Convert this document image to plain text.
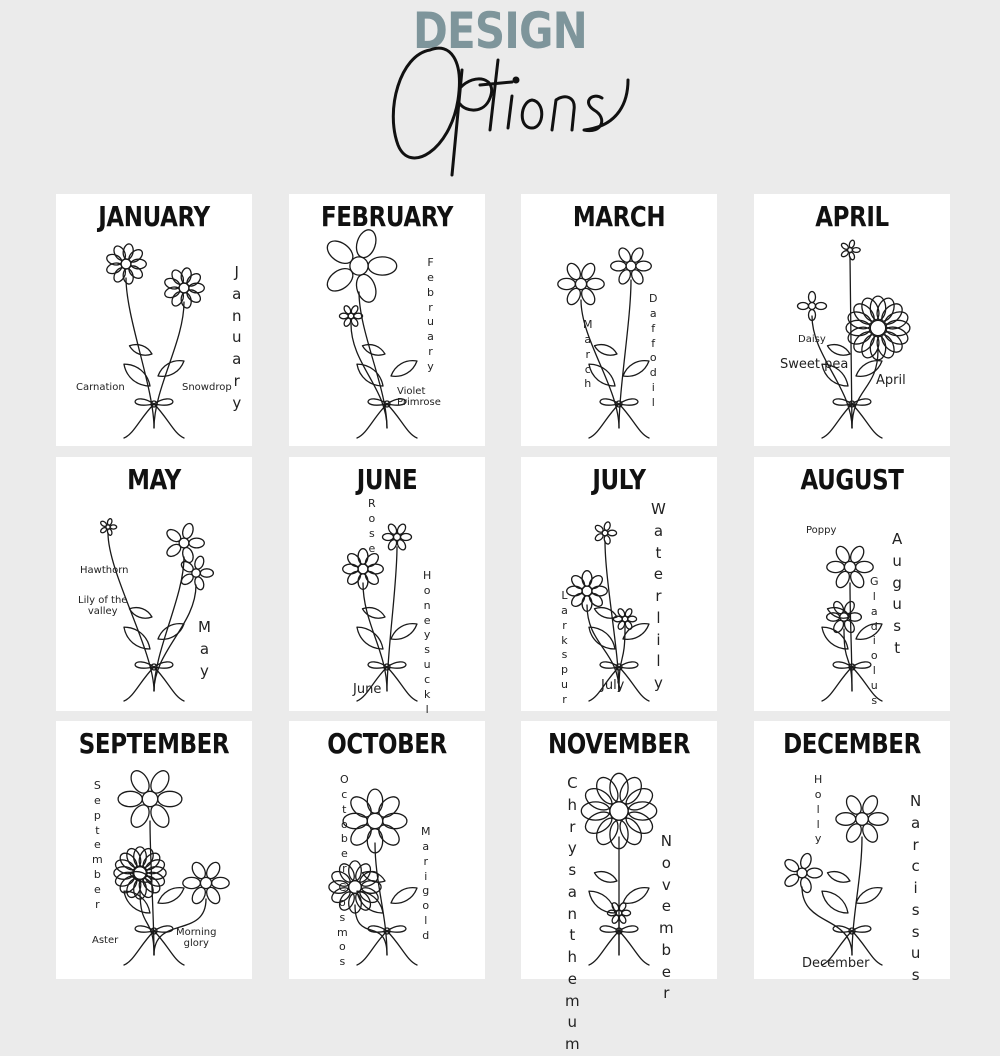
DESIGN
Options
JANUARY
J
a
n
u
a
r
y
Carnation	Snowdrop
FEBRUARY
F
e
b
r
u
a
r
y
Violet
Primrose
MARCH
M
a
r
c
h
D
a
f
f
o
d
i
l
APRIL
Daisy
Sweet pea
April
MAY
Hawthorn
Lily of the
valley
M
a
y
JUNE
R
o
s
e
H
o
n
e
y
s
u
c
k
l
June
JULY
W
a
t
e
r
l
i
l
y
L
a
r
k
s
p
u
r
July
AUGUST
Poppy	A
u
g
u
s
t
G
l
a
d
i
o
l
u
s
SEPTEMBER
S
e
p
t
e
m
b
e
r
Aster
Morning
glory
OCTOBER
O
c
t
o
b
e
r
M
a
r
i
g
o
l
d
C
o
s
m
o
s
NOVEMBER
C
h
r
y
s
a
n
t
h
e
m
u
m
N
o
v
e
m
b
e
r
DECEMBER
H
o
l
l
y
N
a
r
c
i
s
s
u
s
December
